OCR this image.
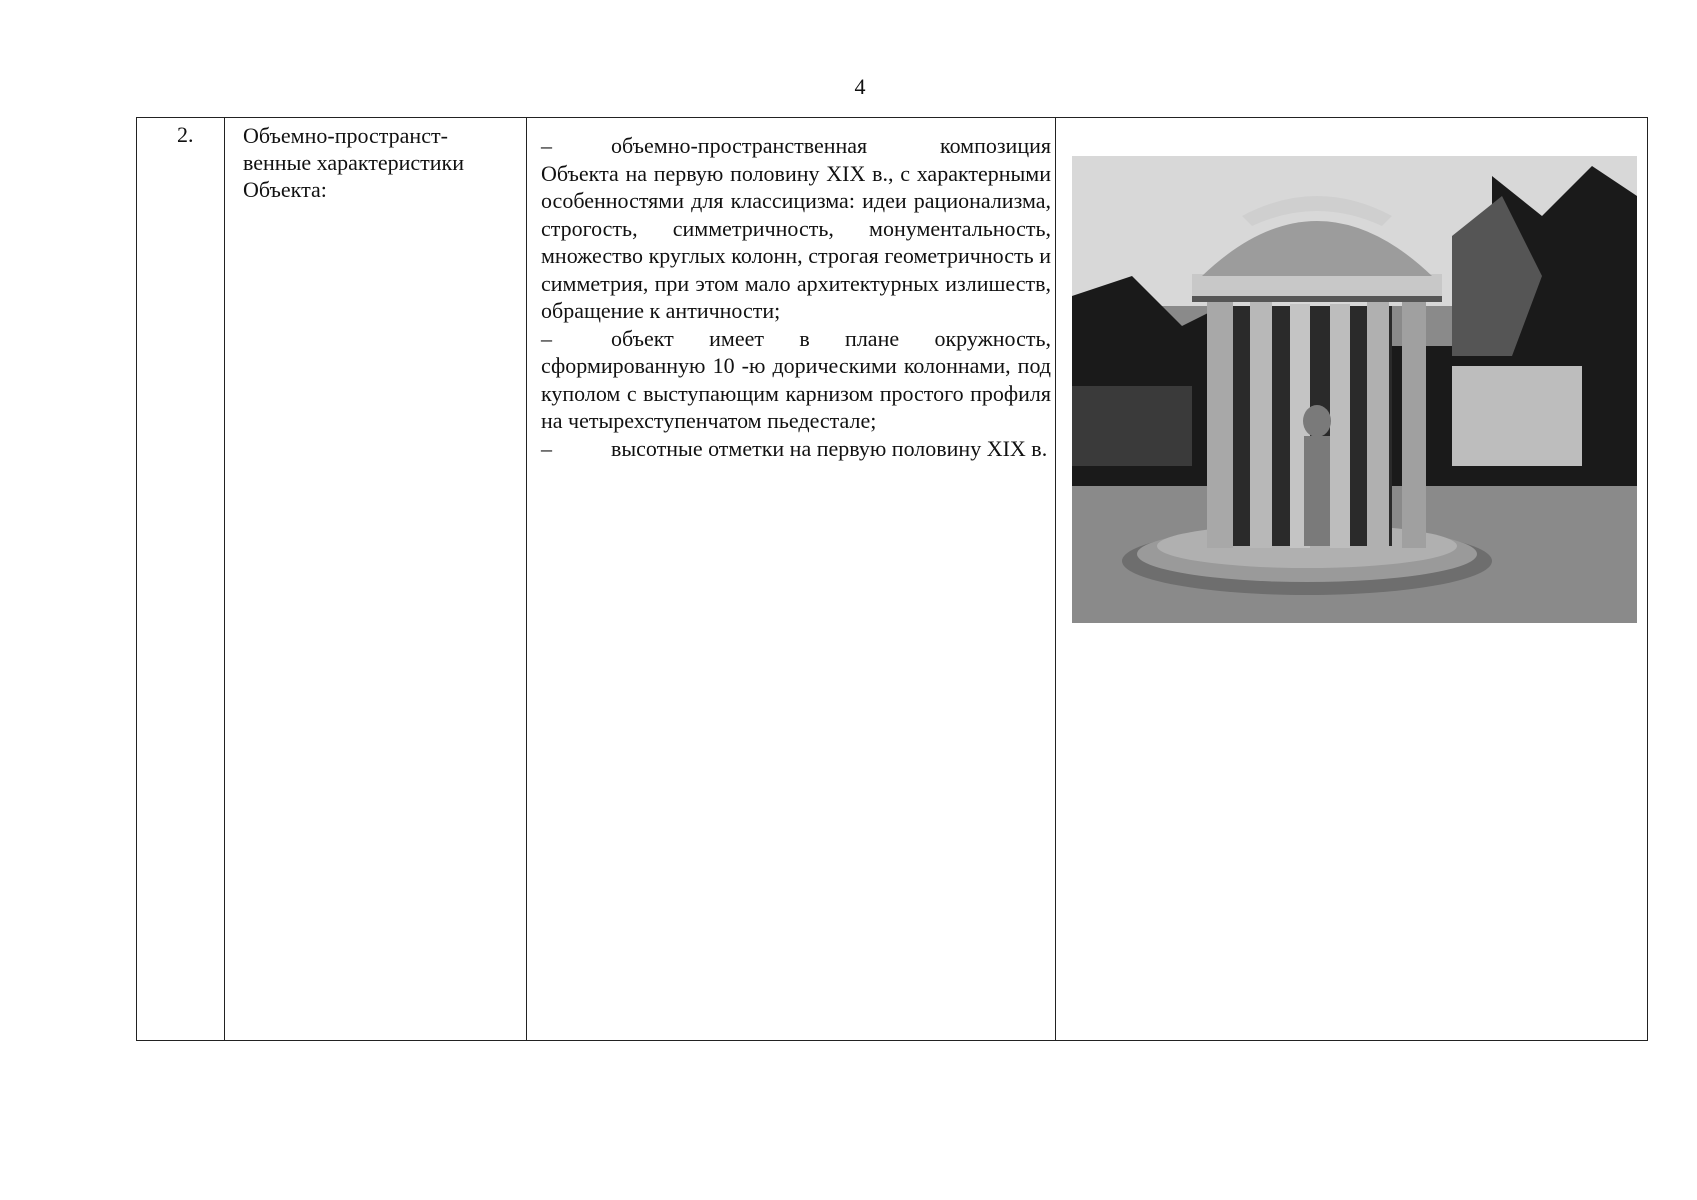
4
2. Объемно-пространст-
венные характеристики
Объекта:

–	объемно-пространственная композиция Объекта на первую половину XIX в., с характерными особенностями для классицизма: идеи рационализма, строгость, симметричность, монументальность, множество круглых колонн, строгая геометричность и симметрия, при этом мало архитектурных излишеств, обращение к античности;

–	объект имеет в плане окружность, сформированную 10 -ю дорическими колоннами, под куполом с выступающим карнизом простого профиля на четырехступенчатом пьедестале;

–	высотные отметки на первую половину XIX в.
